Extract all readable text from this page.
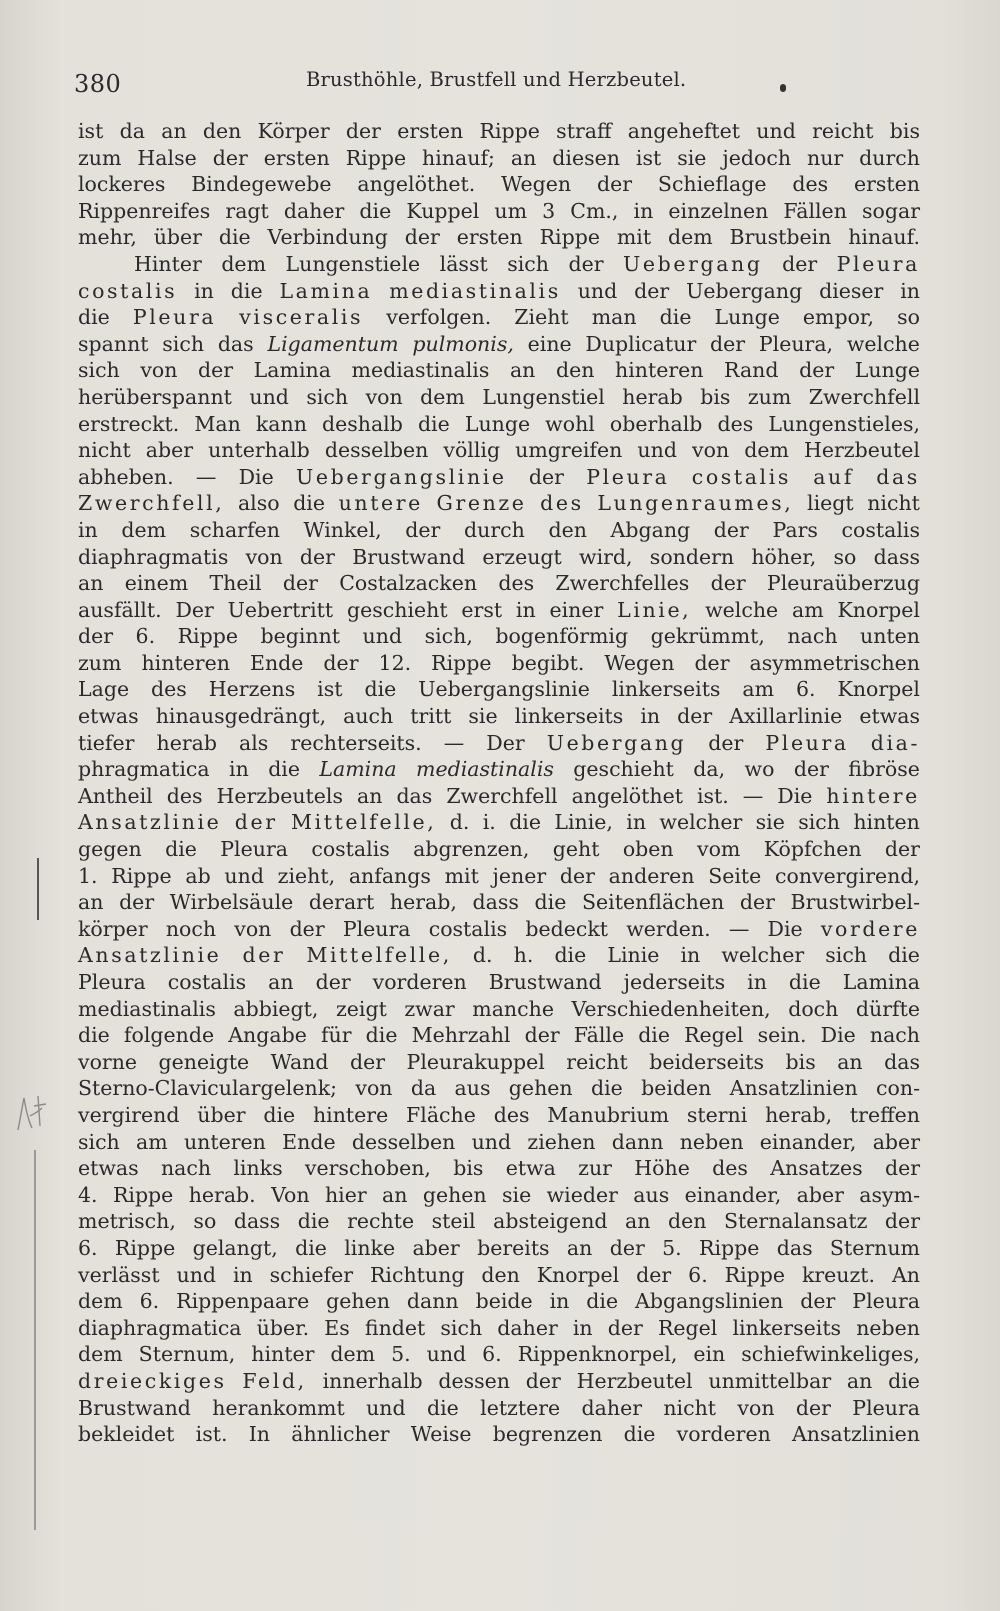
380	Brusthöhle, Brustfell und Herzbeutel.
ist da an den Körper der ersten Rippe straff angeheftet und reicht bis
zum Halse der ersten Rippe hinauf; an diesen ist sie jedoch nur durch
lockeres Bindegewebe angelöthet. Wegen der Schieflage des ersten
Rippenreifes ragt daher die Kuppel um 3 Cm., in einzelnen Fällen sogar
mehr, über die Verbindung der ersten Rippe mit dem Brustbein hinauf.
Hinter dem Lungenstiele lässt sich der Uebergang der Pleura
costalis in die Lamina mediastinalis und der Uebergang dieser in
die Pleura visceralis verfolgen. Zieht man die Lunge empor, so
spannt sich das Ligamentum pulmonis, eine Duplicatur der Pleura, welche
sich von der Lamina mediastinalis an den hinteren Rand der Lunge
herüberspannt und sich von dem Lungenstiel herab bis zum Zwerchfell
erstreckt. Man kann deshalb die Lunge wohl oberhalb des Lungenstieles,
nicht aber unterhalb desselben völlig umgreifen und von dem Herzbeutel
abheben. — Die Uebergangslinie der Pleura costalis auf das
Zwerchfell, also die untere Grenze des Lungenraumes, liegt nicht
in dem scharfen Winkel, der durch den Abgang der Pars costalis
diaphragmatis von der Brustwand erzeugt wird, sondern höher, so dass
an einem Theil der Costalzacken des Zwerchfelles der Pleuraüberzug
ausfällt. Der Uebertritt geschieht erst in einer Linie, welche am Knorpel
der 6. Rippe beginnt und sich, bogenförmig gekrümmt, nach unten
zum hinteren Ende der 12. Rippe begibt. Wegen der asymmetrischen
Lage des Herzens ist die Uebergangslinie linkerseits am 6. Knorpel
etwas hinausgedrängt, auch tritt sie linkerseits in der Axillarlinie etwas
tiefer herab als rechterseits. — Der Uebergang der Pleura dia-
phragmatica in die Lamina mediastinalis geschieht da, wo der fibröse
Antheil des Herzbeutels an das Zwerchfell angelöthet ist. — Die hintere
Ansatzlinie der Mittelfelle, d. i. die Linie, in welcher sie sich hinten
gegen die Pleura costalis abgrenzen, geht oben vom Köpfchen der
1. Rippe ab und zieht, anfangs mit jener der anderen Seite convergirend,
an der Wirbelsäule derart herab, dass die Seitenflächen der Brustwirbel-
körper noch von der Pleura costalis bedeckt werden. — Die vordere
Ansatzlinie der Mittelfelle, d. h. die Linie in welcher sich die
Pleura costalis an der vorderen Brustwand jederseits in die Lamina
mediastinalis abbiegt, zeigt zwar manche Verschiedenheiten, doch dürfte
die folgende Angabe für die Mehrzahl der Fälle die Regel sein. Die nach
vorne geneigte Wand der Pleurakuppel reicht beiderseits bis an das
Sterno-Claviculargelenk; von da aus gehen die beiden Ansatzlinien con-
vergirend über die hintere Fläche des Manubrium sterni herab, treffen
sich am unteren Ende desselben und ziehen dann neben einander, aber
etwas nach links verschoben, bis etwa zur Höhe des Ansatzes der
4. Rippe herab. Von hier an gehen sie wieder aus einander, aber asym-
metrisch, so dass die rechte steil absteigend an den Sternalansatz der
6. Rippe gelangt, die linke aber bereits an der 5. Rippe das Sternum
verlässt und in schiefer Richtung den Knorpel der 6. Rippe kreuzt. An
dem 6. Rippenpaare gehen dann beide in die Abgangslinien der Pleura
diaphragmatica über. Es findet sich daher in der Regel linkerseits neben
dem Sternum, hinter dem 5. und 6. Rippenknorpel, ein schiefwinkeliges,
dreieckiges Feld, innerhalb dessen der Herzbeutel unmittelbar an die
Brustwand herankommt und die letztere daher nicht von der Pleura
bekleidet ist. In ähnlicher Weise begrenzen die vorderen Ansatzlinien
